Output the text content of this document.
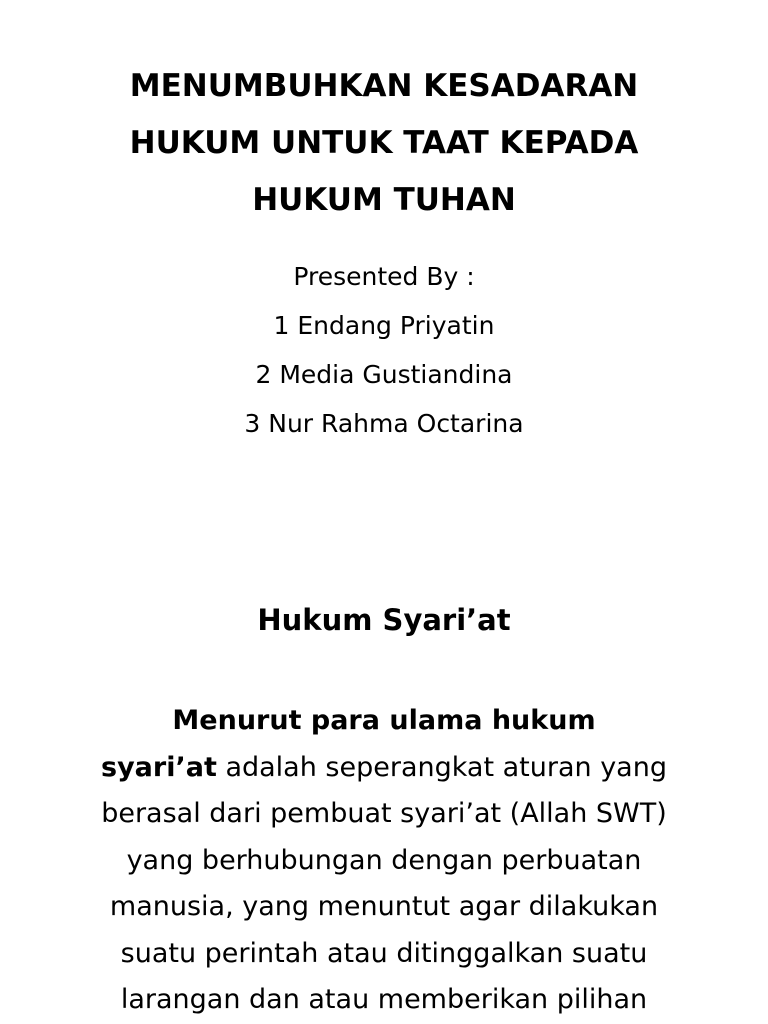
MENUMBUHKAN KESADARAN
HUKUM UNTUK TAAT KEPADA
HUKUM TUHAN
Presented By :
1 Endang Priyatin
2 Media Gustiandina
3 Nur Rahma Octarina
Hukum Syari’at
Menurut para ulama hukum
syari’at adalah seperangkat aturan yang
berasal dari pembuat syari’at (Allah SWT)
yang berhubungan dengan perbuatan
manusia, yang menuntut agar dilakukan
suatu perintah atau ditinggalkan suatu
larangan dan atau memberikan pilihan
